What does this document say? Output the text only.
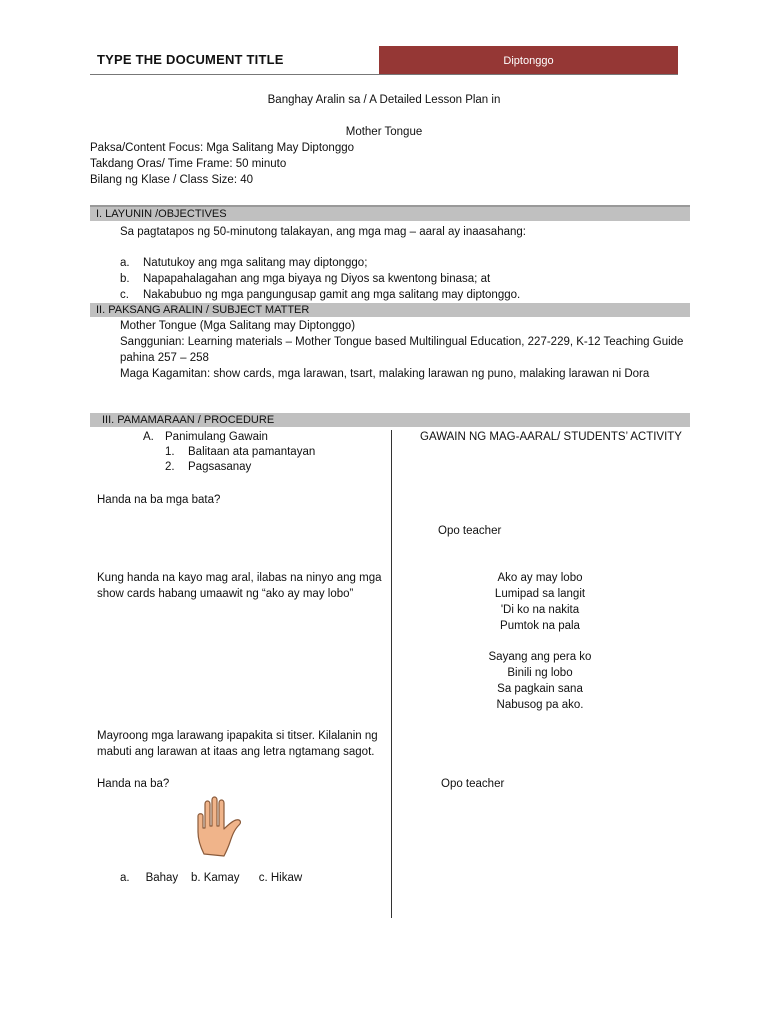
TYPE THE DOCUMENT TITLE	Diptonggo
Banghay Aralin sa / A Detailed Lesson Plan in
Mother Tongue
Paksa/Content Focus: Mga Salitang May Diptonggo
Takdang Oras/ Time Frame: 50 minuto
Bilang ng Klase / Class Size: 40
I. LAYUNIN /OBJECTIVES
Sa pagtatapos ng 50-minutong talakayan, ang mga mag – aaral ay inaasahang:
a. Natutukoy ang mga salitang may diptonggo;
b. Napapahalagahan ang mga biyaya ng Diyos sa kwentong binasa; at
c. Nakabubuo ng mga pangungusap gamit ang mga salitang may diptonggo.
II. PAKSANG ARALIN / SUBJECT MATTER
Mother Tongue (Mga Salitang may Diptonggo)
Sanggunian: Learning materials – Mother Tongue based Multilingual Education, 227-229, K-12 Teaching Guide
pahina 257 – 258
Maga Kagamitan: show cards, mga larawan, tsart, malaking larawan ng puno, malaking larawan ni Dora
III. PAMAMARAAN / PROCEDURE
A. Panimulang Gawain
1. Balitaan ata pamantayan
2. Pagsasanay
Handa na ba mga bata?
Kung handa na kayo mag aral, ilabas na ninyo ang mga
show cards habang umaawit ng “ako ay may lobo”
Mayroong mga larawang ipapakita si titser. Kilalanin ng
mabuti ang larawan at itaas ang letra ngtamang sagot.
Handa na ba?
a.     Bahay    b. Kamay      c. Hikaw
GAWAIN NG MAG-AARAL/ STUDENTS’ ACTIVITY
Opo teacher
Ako ay may lobo
Lumipad sa langit
'Di ko na nakita
Pumtok na pala
Sayang ang pera ko
Binili ng lobo
Sa pagkain sana
Nabusog pa ako.
Opo teacher
